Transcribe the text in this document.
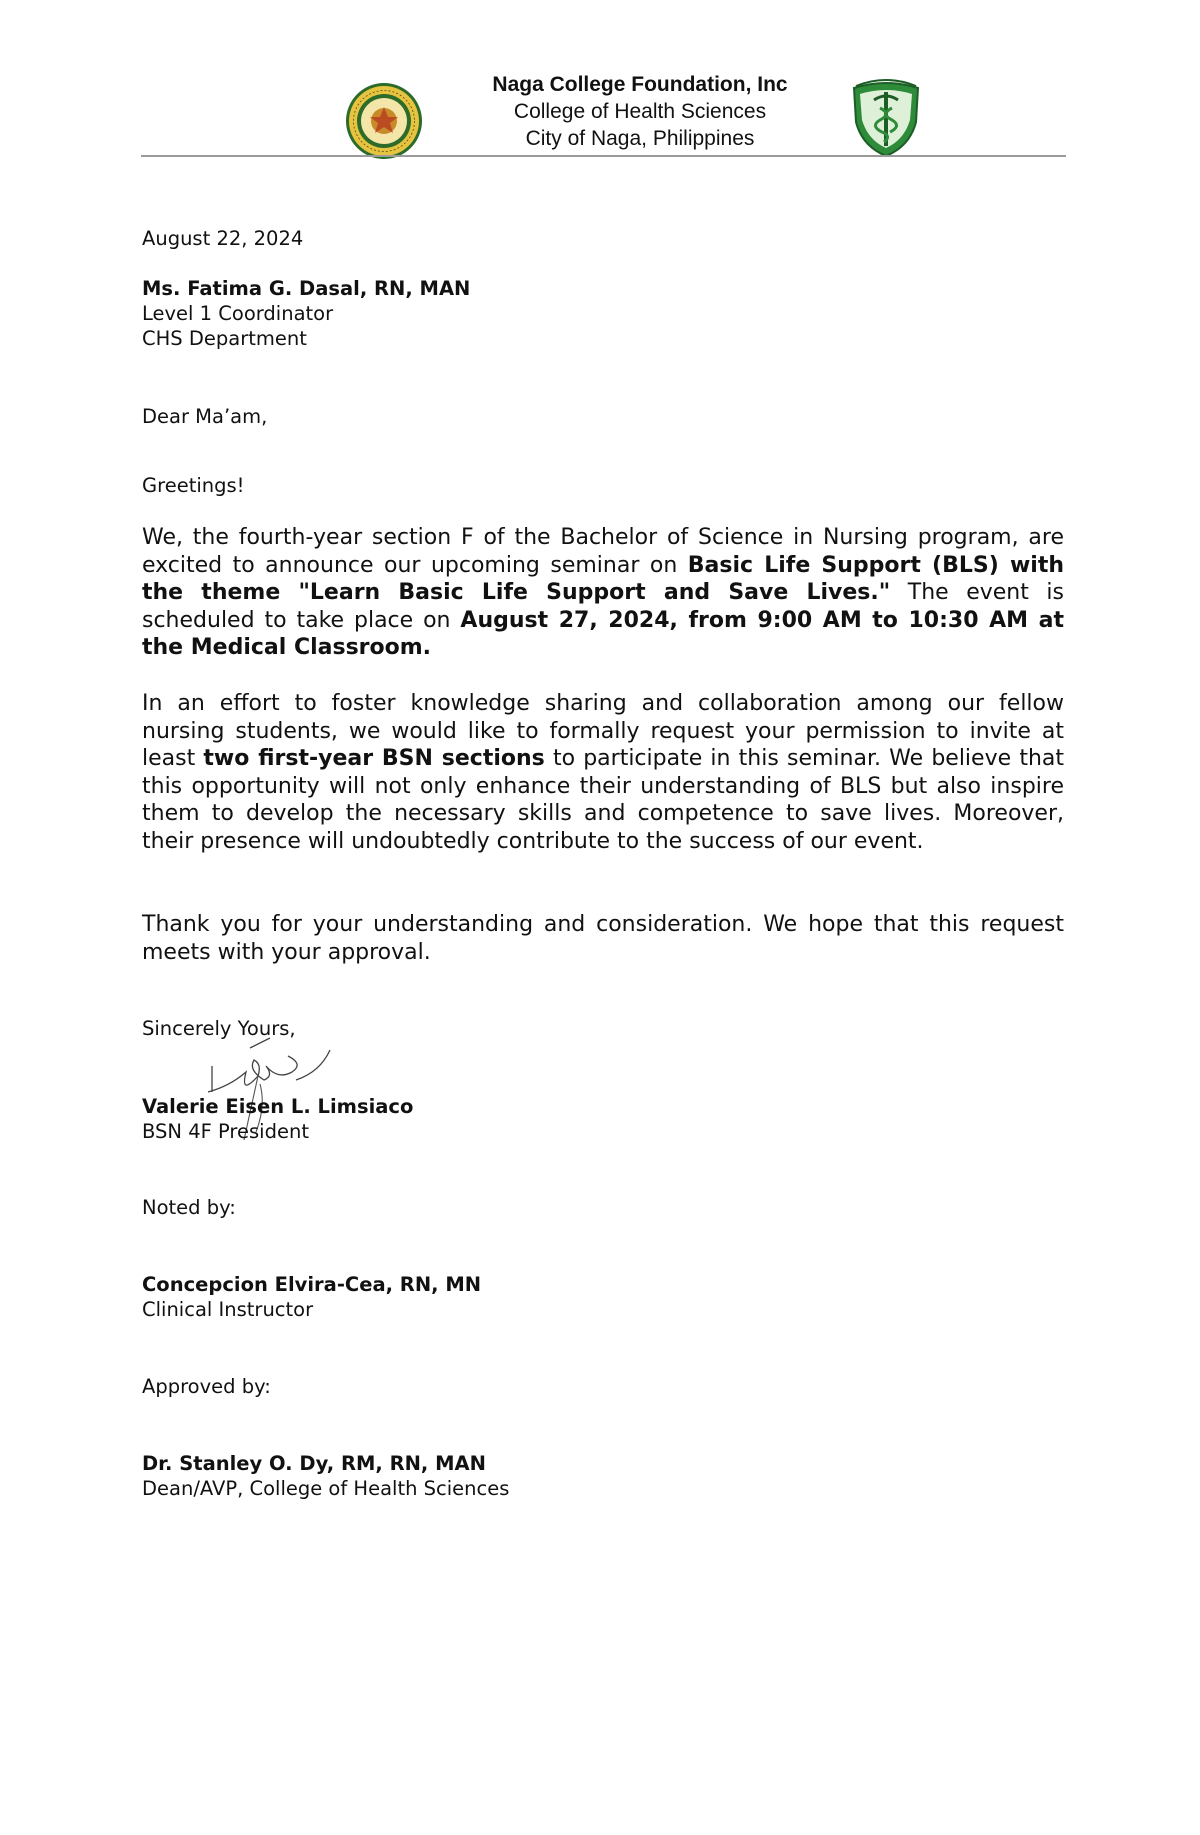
Naga College Foundation, Inc
College of Health Sciences
City of Naga, Philippines
August 22, 2024
Ms. Fatima G. Dasal, RN, MAN
Level 1 Coordinator
CHS Department
Dear Ma’am,
Greetings!
We, the fourth-year section F of the Bachelor of Science in Nursing program, are excited to announce our upcoming seminar on Basic Life Support (BLS) with the theme "Learn Basic Life Support and Save Lives." The event is scheduled to take place on August 27, 2024, from 9:00 AM to 10:30 AM at the Medical Classroom.
In an effort to foster knowledge sharing and collaboration among our fellow nursing students, we would like to formally request your permission to invite at least two first-year BSN sections to participate in this seminar. We believe that this opportunity will not only enhance their understanding of BLS but also inspire them to develop the necessary skills and competence to save lives. Moreover, their presence will undoubtedly contribute to the success of our event.
Thank you for your understanding and consideration. We hope that this request meets with your approval.
Sincerely Yours,
Valerie Eisen L. Limsiaco
BSN 4F President
Noted by:
Concepcion Elvira-Cea, RN, MN
Clinical Instructor
Approved by:
Dr. Stanley O. Dy, RM, RN, MAN
Dean/AVP, College of Health Sciences
